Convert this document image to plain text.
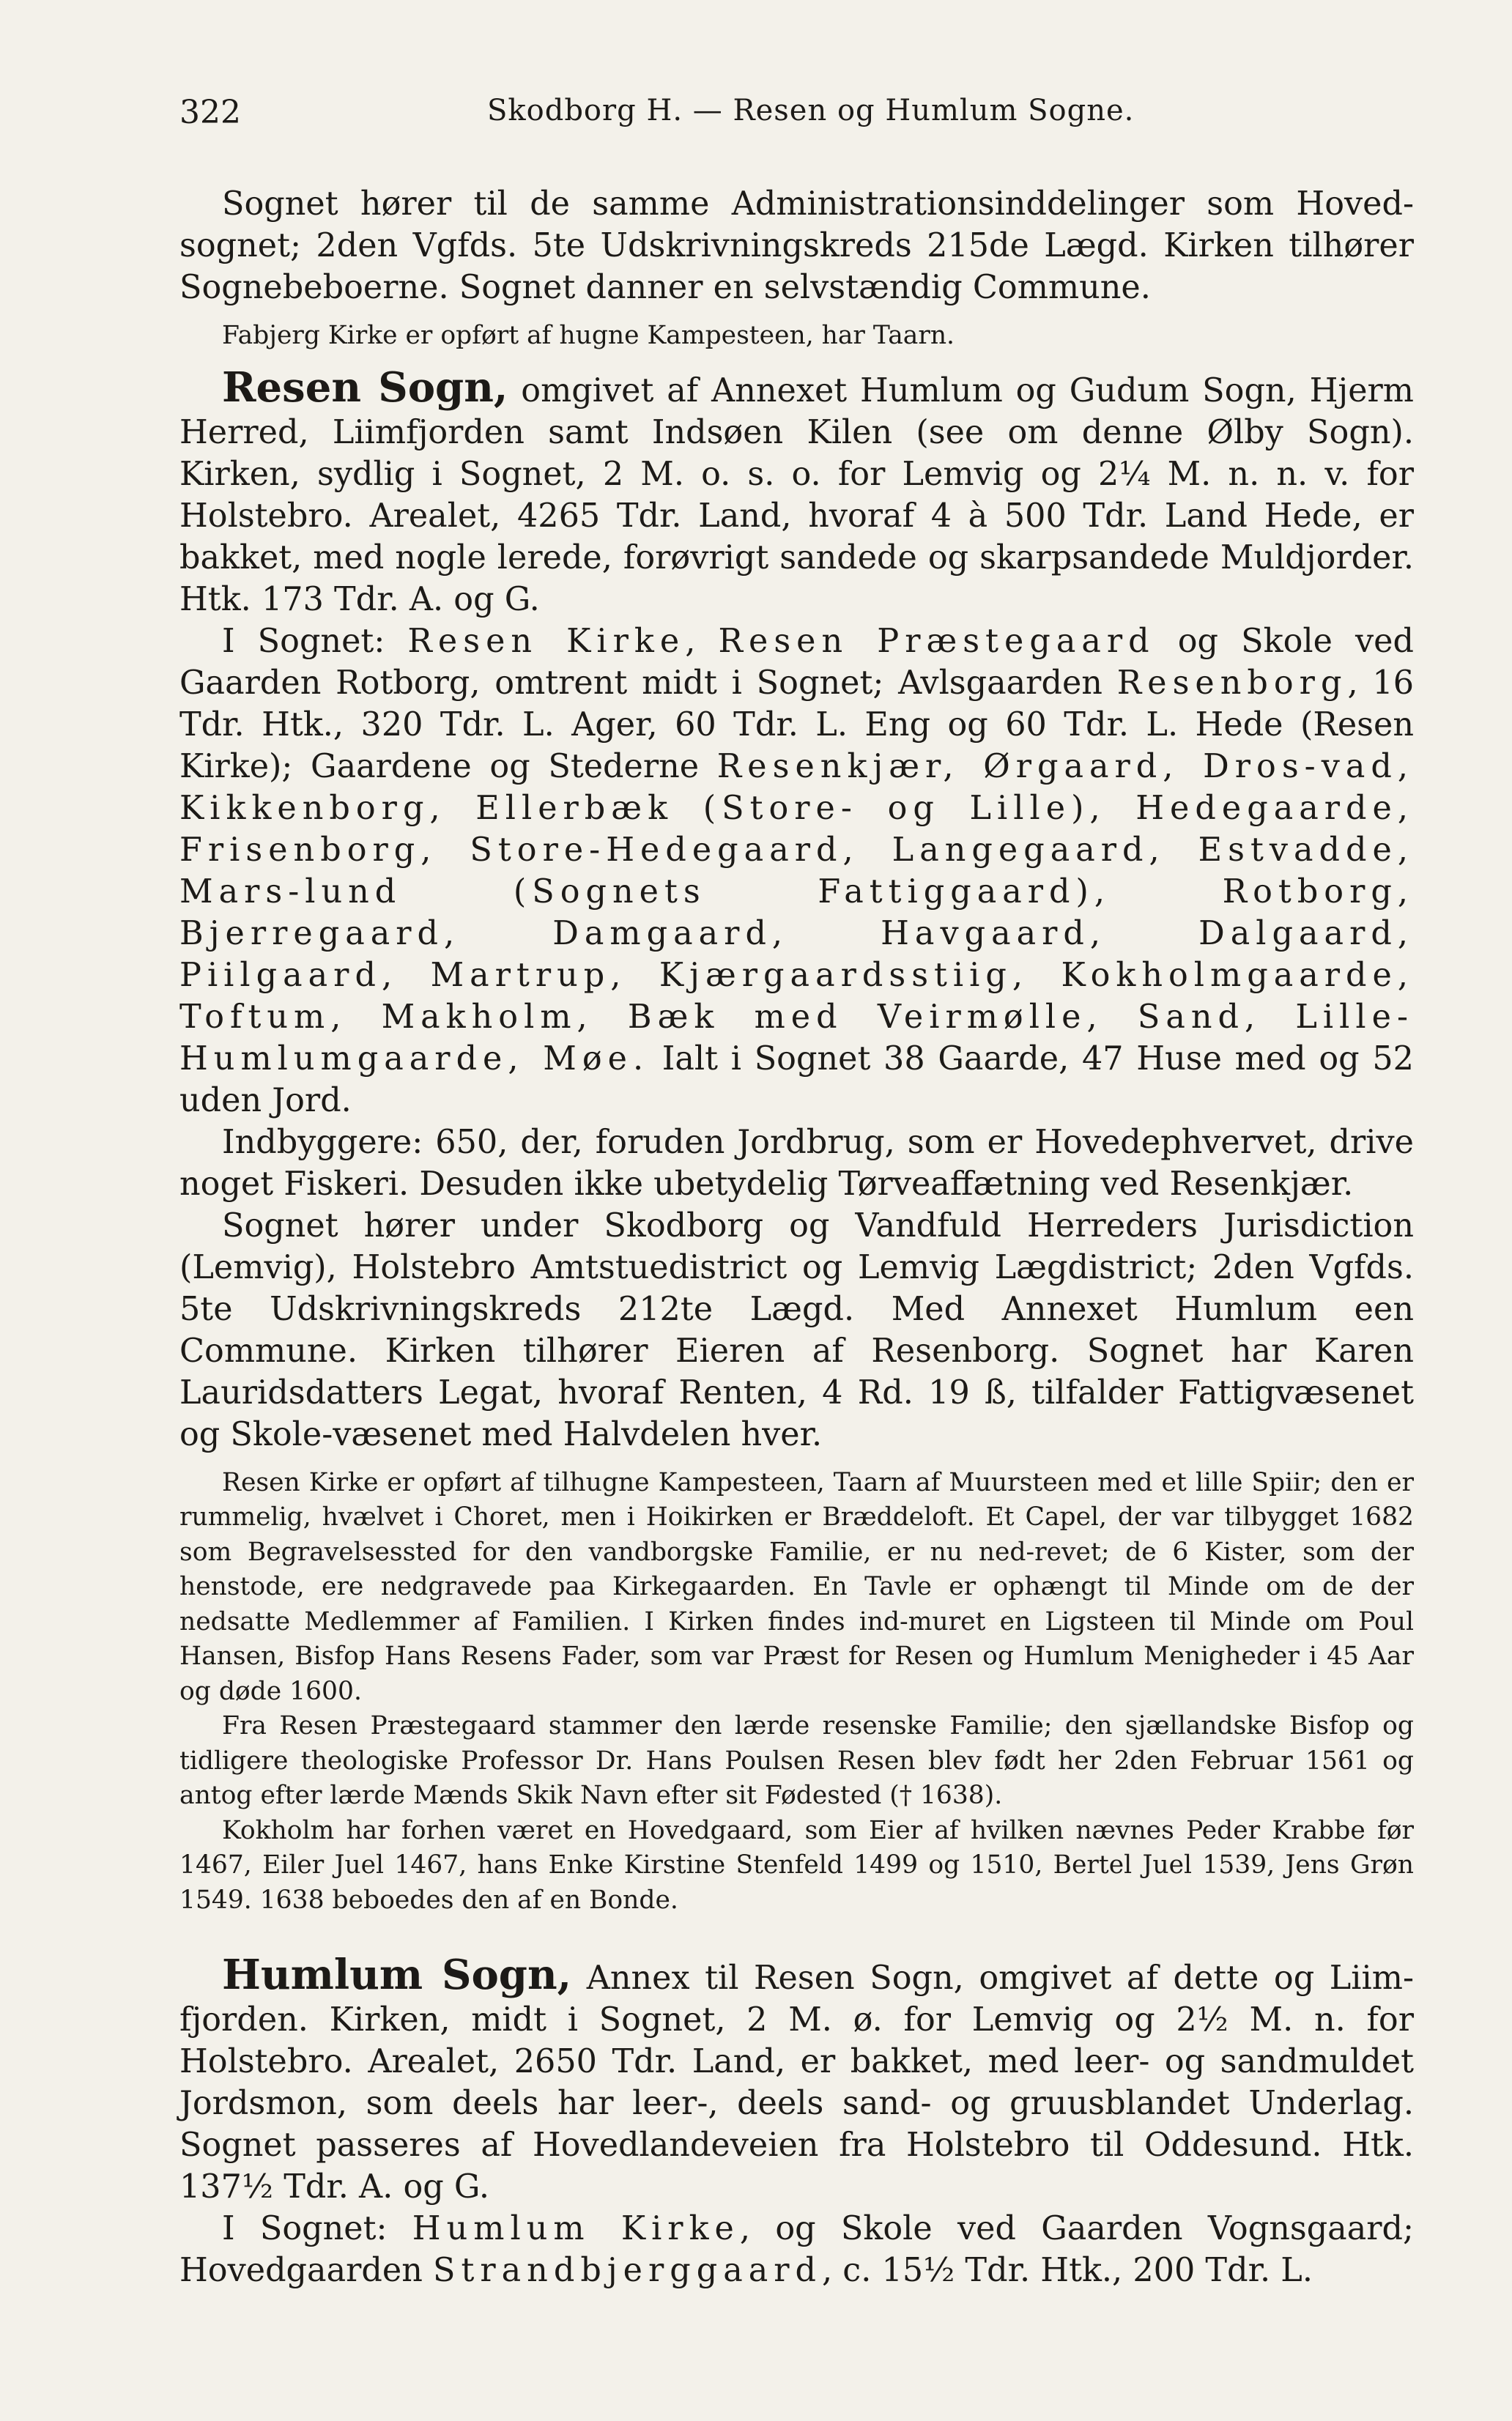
322	Skodborg H. — Resen og Humlum Sogne.

Sognet hører til de samme Administrationsinddelinger som Hoved-sognet; 2den Vgfds. 5te Udskrivningskreds 215de Lægd. Kirken tilhører Sognebeboerne. Sognet danner en selvstændig Commune.

Fabjerg Kirke er opført af hugne Kampesteen, har Taarn.

Resen Sogn, omgivet af Annexet Humlum og Gudum Sogn, Hjerm Herred, Liimfjorden samt Indsøen Kilen (see om denne Ølby Sogn). Kirken, sydlig i Sognet, 2 M. o. s. o. for Lemvig og 2¼ M. n. n. v. for Holstebro. Arealet, 4265 Tdr. Land, hvoraf 4 à 500 Tdr. Land Hede, er bakket, med nogle lerede, forøvrigt sandede og skarpsandede Muldjorder. Htk. 173 Tdr. A. og G.

I Sognet: Resen Kirke, Resen Præstegaard og Skole ved Gaarden Rotborg, omtrent midt i Sognet; Avlsgaarden Resenborg, 16 Tdr. Htk., 320 Tdr. L. Ager, 60 Tdr. L. Eng og 60 Tdr. L. Hede (Resen Kirke); Gaardene og Stederne Resenkjær, Ørgaard, Dros-vad, Kikkenborg, Ellerbæk (Store- og Lille), Hedegaarde, Frisenborg, Store-Hedegaard, Langegaard, Estvadde, Mars-lund (Sognets Fattiggaard), Rotborg, Bjerregaard, Damgaard, Havgaard, Dalgaard, Piilgaard, Martrup, Kjærgaardsstiig, Kokholmgaarde, Toftum, Makholm, Bæk med Veirmølle, Sand, Lille-Humlumgaarde, Møe. Ialt i Sognet 38 Gaarde, 47 Huse med og 52 uden Jord.

Indbyggere: 650, der, foruden Jordbrug, som er Hovedерhvervet, drive noget Fiskeri. Desuden ikke ubetydelig Tørveaffætning ved Resenkjær.

Sognet hører under Skodborg og Vandfuld Herreders Jurisdiction (Lemvig), Holstebro Amtstuedistrict og Lemvig Lægdistrict; 2den Vgfds. 5te Udskrivningskreds 212te Lægd. Med Annexet Humlum een Commune. Kirken tilhører Eieren af Resenborg. Sognet har Karen Lauridsdatters Legat, hvoraf Renten, 4 Rd. 19 ß, tilfalder Fattigvæsenet og Skole-væsenet med Halvdelen hver.

Resen Kirke er opført af tilhugne Kampesteen, Taarn af Muursteen med et lille Spiir; den er rummelig, hvælvet i Choret, men i Hoikirken er Bræddeloft. Et Capel, der var tilbygget 1682 som Begravelsessted for den vandborgske Familie, er nu ned-revet; de 6 Kister, som der henstode, ere nedgravede paa Kirkegaarden. En Tavle er ophængt til Minde om de der nedsatte Medlemmer af Familien. I Kirken findes ind-muret en Ligsteen til Minde om Poul Hansen, Bisfop Hans Resens Fader, som var Præst for Resen og Humlum Menigheder i 45 Aar og døde 1600.

Fra Resen Præstegaard stammer den lærde resenske Familie; den sjællandske Bisfop og tidligere theologiske Professor Dr. Hans Poulsen Resen blev født her 2den Februar 1561 og antog efter lærde Mænds Skik Navn efter sit Fødested († 1638).

Kokholm har forhen været en Hovedgaard, som Eier af hvilken nævnes Peder Krabbe før 1467, Eiler Juel 1467, hans Enke Kirstine Stenfeld 1499 og 1510, Bertel Juel 1539, Jens Grøn 1549. 1638 beboedes den af en Bonde.

Humlum Sogn, Annex til Resen Sogn, omgivet af dette og Liim-fjorden. Kirken, midt i Sognet, 2 M. ø. for Lemvig og 2½ M. n. for Holstebro. Arealet, 2650 Tdr. Land, er bakket, med leer- og sandmuldet Jordsmon, som deels har leer-, deels sand- og gruusblandet Underlag. Sognet passeres af Hovedlandeveien fra Holstebro til Oddesund. Htk. 137½ Tdr. A. og G.

I Sognet: Humlum Kirke, og Skole ved Gaarden Vognsgaard; Hovedgaarden Strandbjerggaard, c. 15½ Tdr. Htk., 200 Tdr. L.
